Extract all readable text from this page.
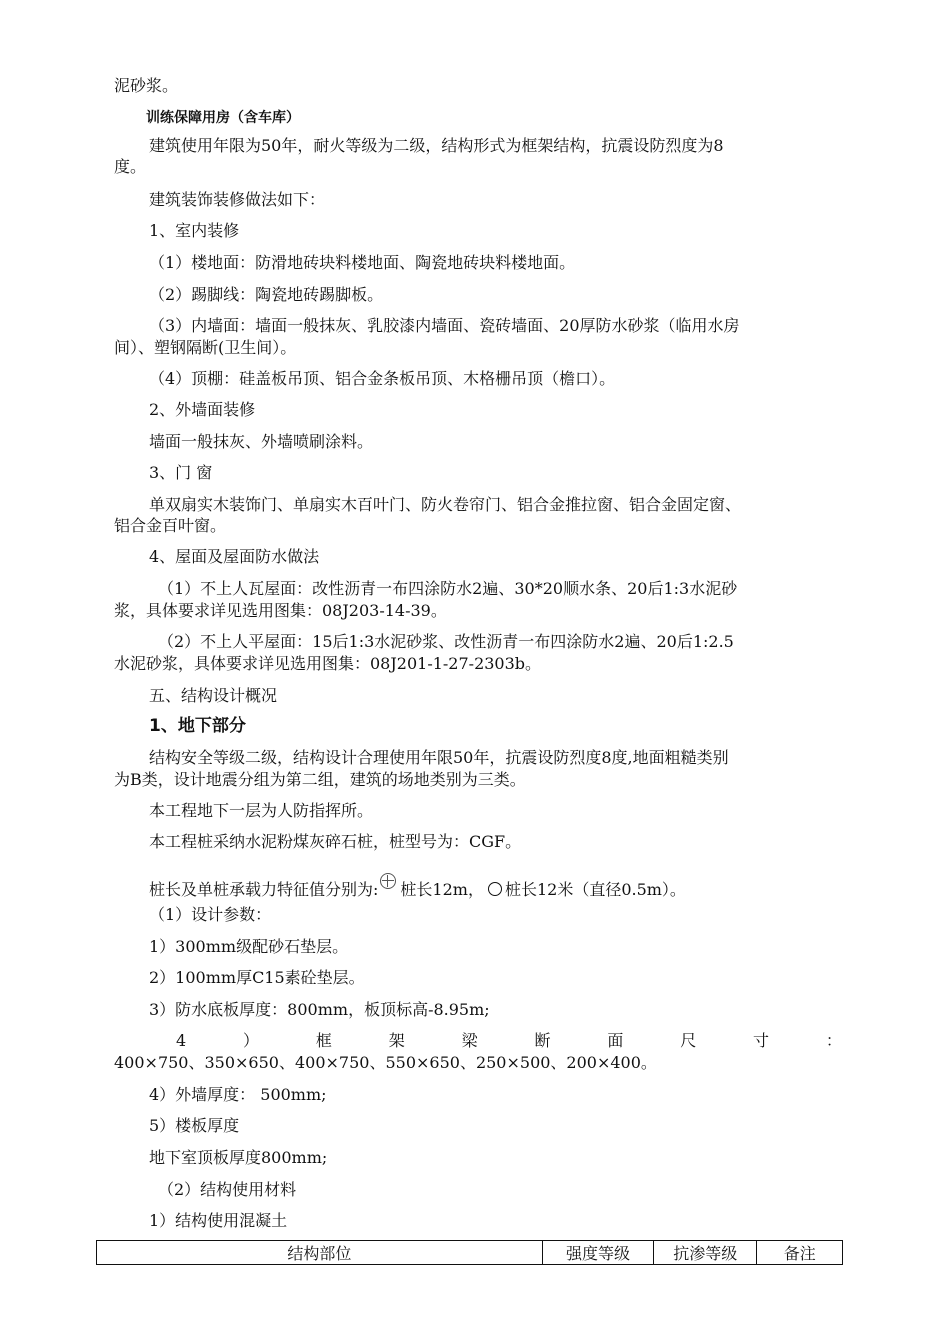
泥砂浆。
训练保障用房（含车库）
建筑使用年限为50年，耐火等级为二级，结构形式为框架结构，抗震设防烈度为8
度。
建筑装饰装修做法如下：
1、室内装修
（1）楼地面：防滑地砖块料楼地面、陶瓷地砖块料楼地面。
（2）踢脚线：陶瓷地砖踢脚板。
（3）内墙面：墙面一般抹灰、乳胶漆内墙面、瓷砖墙面、20厚防水砂浆（临用水房
间）、塑钢隔断(卫生间）。
（4）顶棚：硅盖板吊顶、铝合金条板吊顶、木格栅吊顶（檐口）。
2、外墙面装修
墙面一般抹灰、外墙喷刷涂料。
3、门 窗
单双扇实木装饰门、单扇实木百叶门、防火卷帘门、铝合金推拉窗、铝合金固定窗、
铝合金百叶窗。
4、屋面及屋面防水做法
（1）不上人瓦屋面：改性沥青一布四涂防水2遍、30*20顺水条、20后1:3水泥砂
浆，具体要求详见选用图集：08J203-14-39。
（2）不上人平屋面：15后1:3水泥砂浆、改性沥青一布四涂防水2遍、20后1:2.5
水泥砂浆，具体要求详见选用图集：08J201-1-27-2303b。
五、结构设计概况
1、地下部分
结构安全等级二级，结构设计合理使用年限50年，抗震设防烈度8度,地面粗糙类别
为B类，设计地震分组为第二组，建筑的场地类别为三类。
本工程地下一层为人防指挥所。
本工程桩采纳水泥粉煤灰碎石桩，桩型号为：CGF。
桩长及单桩承载力特征值分别为: 桩长12m， 桩长12米（直径0.5m）。
（1）设计参数：
1）300mm级配砂石垫层。
2）100mm厚C15素砼垫层。
3）防水底板厚度：800mm，板顶标高-8.95m;
4	）	框	架	梁	断	面	尺	寸	：
400×750、350×650、400×750、550×650、250×500、200×400。
4）外墙厚度： 500mm;
5）楼板厚度
地下室顶板厚度800mm;
（2）结构使用材料
1）结构使用混凝土
结构部位	强度等级	抗渗等级	备注
